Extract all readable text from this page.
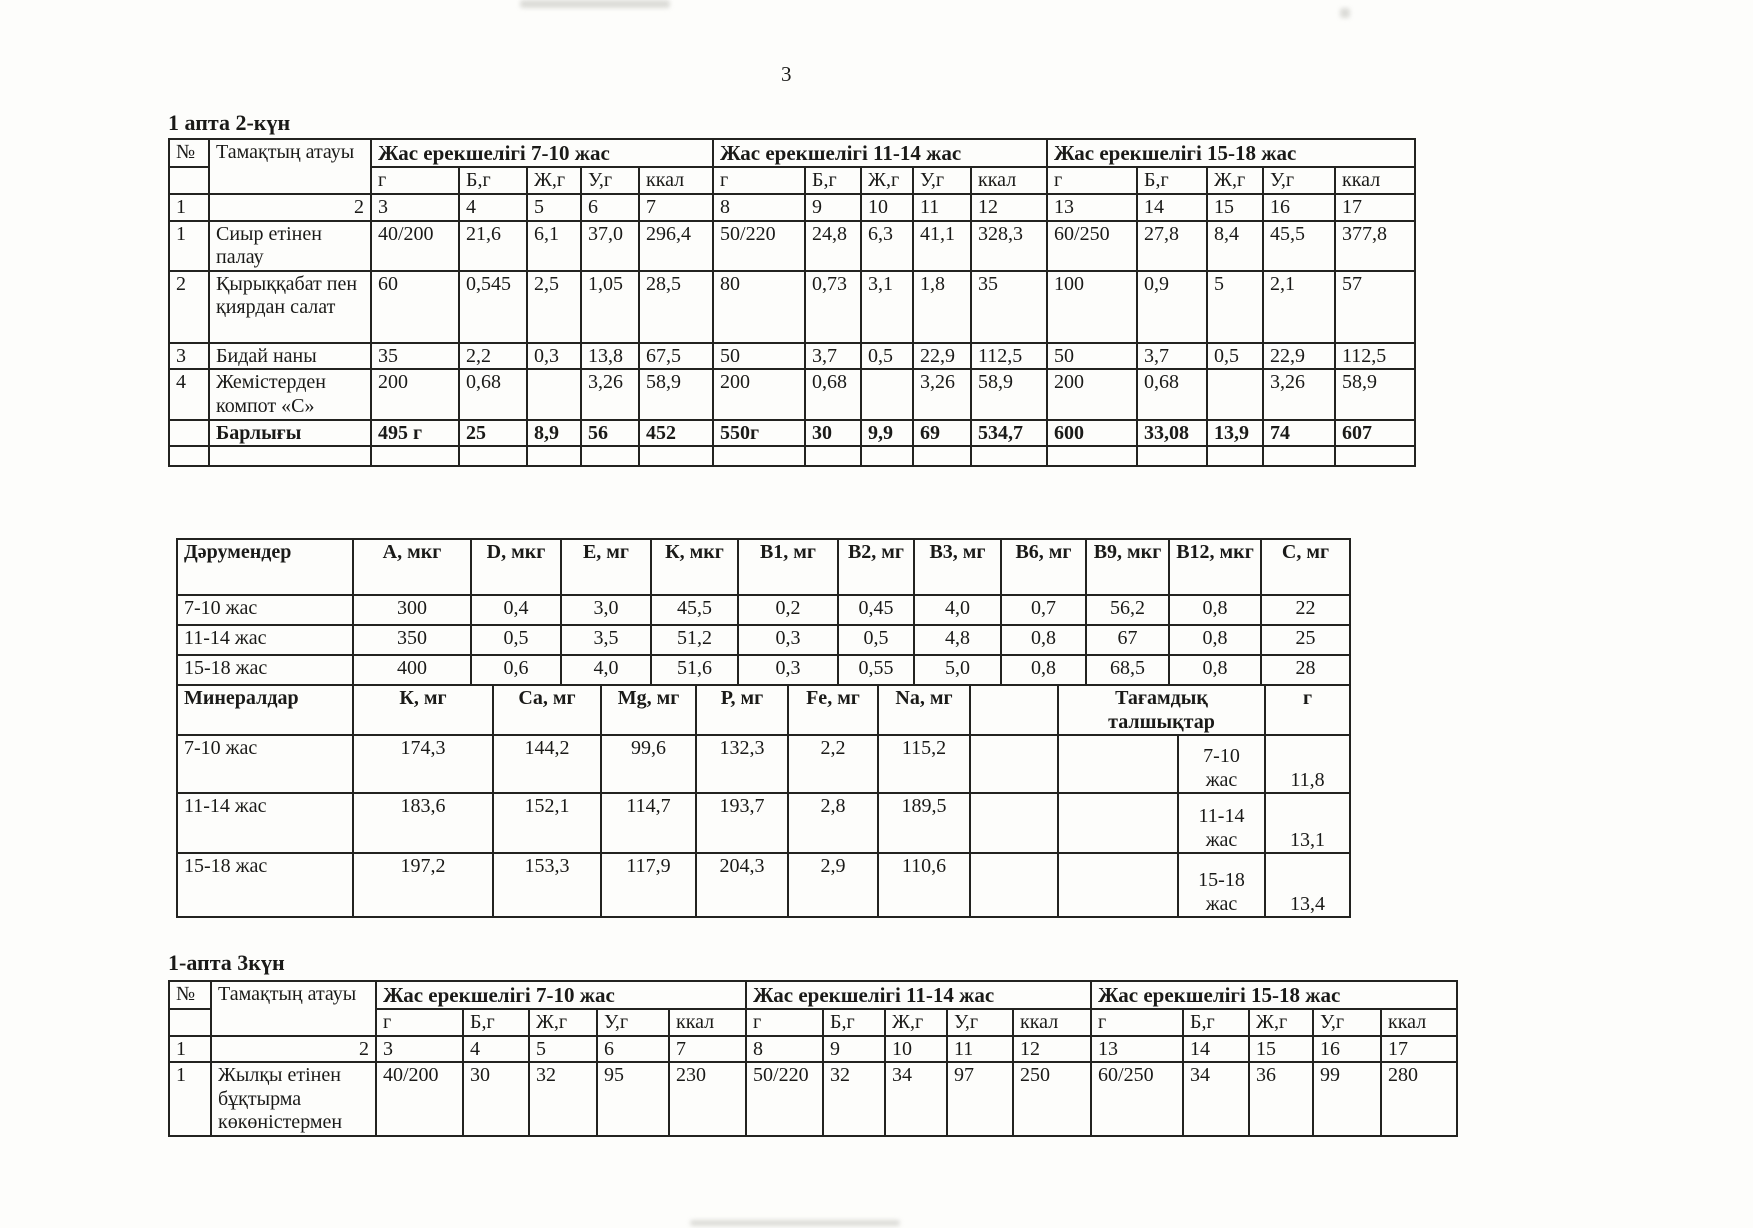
3
1 апта 2-күн
№	Тамақтың атауы	Жас ерекшелігі 7-10 жас					Жас ерекшелігі 11-14 жас					Жас ерекшелігі 15-18 жас				
		г	Б,г	Ж,г	У,г	ккал	г	Б,г	Ж,г	У,г	ккал	г	Б,г	Ж,г	У,г	ккал
1	2	3	4	5	6	7	8	9	10	11	12	13	14	15	16	17
1	Сиыр етінен палау	40/200	21,6	6,1	37,0	296,4	50/220	24,8	6,3	41,1	328,3	60/250	27,8	8,4	45,5	377,8
2	Қырыққабат пен қиярдан салат	60	0,545	2,5	1,05	28,5	80	0,73	3,1	1,8	35	100	0,9	5	2,1	57
3	Бидай наны	35	2,2	0,3	13,8	67,5	50	3,7	0,5	22,9	112,5	50	3,7	0,5	22,9	112,5
4	Жемістерден компот «С»	200	0,68		3,26	58,9	200	0,68		3,26	58,9	200	0,68		3,26	58,9
	Барлығы	495 г	25	8,9	56	452	550г	30	9,9	69	534,7	600	33,08	13,9	74	607

Дәрумендер	А, мкг	D, мкг	Е, мг	К, мкг	В1, мг	В2, мг	В3, мг	В6, мг	В9, мкг	В12, мкг	С, мг
7-10 жас	300	0,4	3,0	45,5	0,2	0,45	4,0	0,7	56,2	0,8	22
11-14 жас	350	0,5	3,5	51,2	0,3	0,5	4,8	0,8	67	0,8	25
15-18 жас	400	0,6	4,0	51,6	0,3	0,55	5,0	0,8	68,5	0,8	28
Минералдар	К, мг	Са, мг	Mg, мг	Р, мг	Fe, мг	Na, мг		Тағамдық талшықтар		г
7-10 жас	174,3	144,2	99,6	132,3	2,2	115,2			7-10 жас	11,8
11-14 жас	183,6	152,1	114,7	193,7	2,8	189,5			11-14 жас	13,1
15-18 жас	197,2	153,3	117,9	204,3	2,9	110,6			15-18 жас	13,4
1-апта 3күн
№	Тамақтың атауы	Жас ерекшелігі 7-10 жас					Жас ерекшелігі 11-14 жас					Жас ерекшелігі 15-18 жас				
		г	Б,г	Ж,г	У,г	ккал	г	Б,г	Ж,г	У,г	ккал	г	Б,г	Ж,г	У,г	ккал
1	2	3	4	5	6	7	8	9	10	11	12	13	14	15	16	17
1	Жылқы етінен бұқтырма көкөністермен	40/200	30	32	95	230	50/220	32	34	97	250	60/250	34	36	99	280
